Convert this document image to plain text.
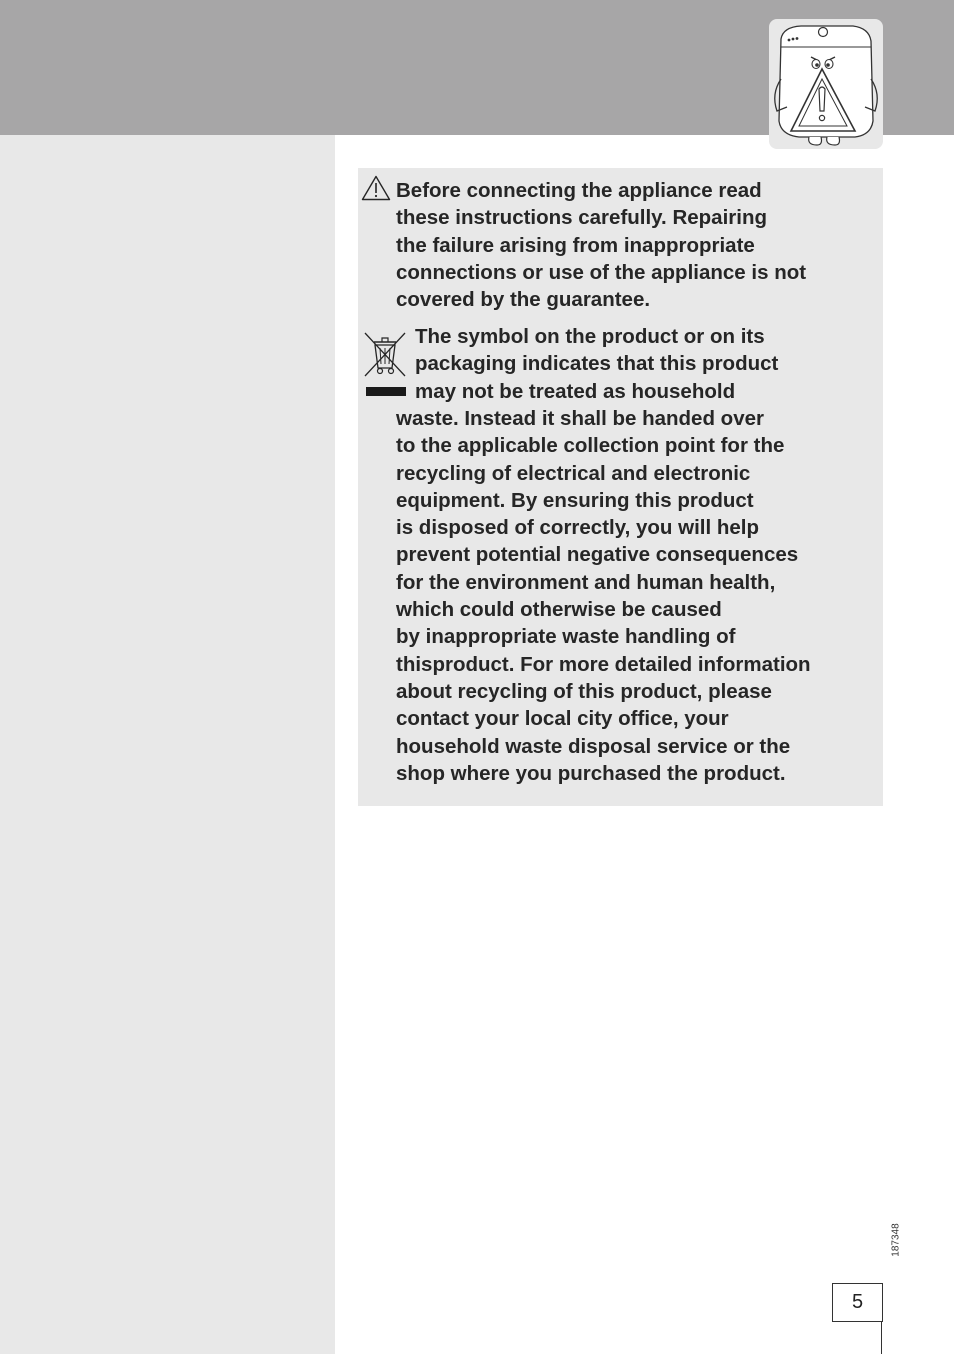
Before connecting the appliance read
these instructions carefully. Repairing
the failure arising from inappropriate
connections or use of the appliance is not
covered by the guarantee.

The symbol on the product or on its
packaging indicates that this product
may not be treated as household

waste. Instead it shall be handed over
to the applicable collection point for the
recycling of electrical and electronic
equipment. By ensuring this product
is disposed of correctly, you will help
prevent potential negative consequences
for the environment and human health,
which could otherwise be caused
by inappropriate waste handling of
thisproduct. For more detailed information
about recycling of this product, please
contact your local city office, your
household waste disposal service or the
shop where you purchased the product.

187348
5
